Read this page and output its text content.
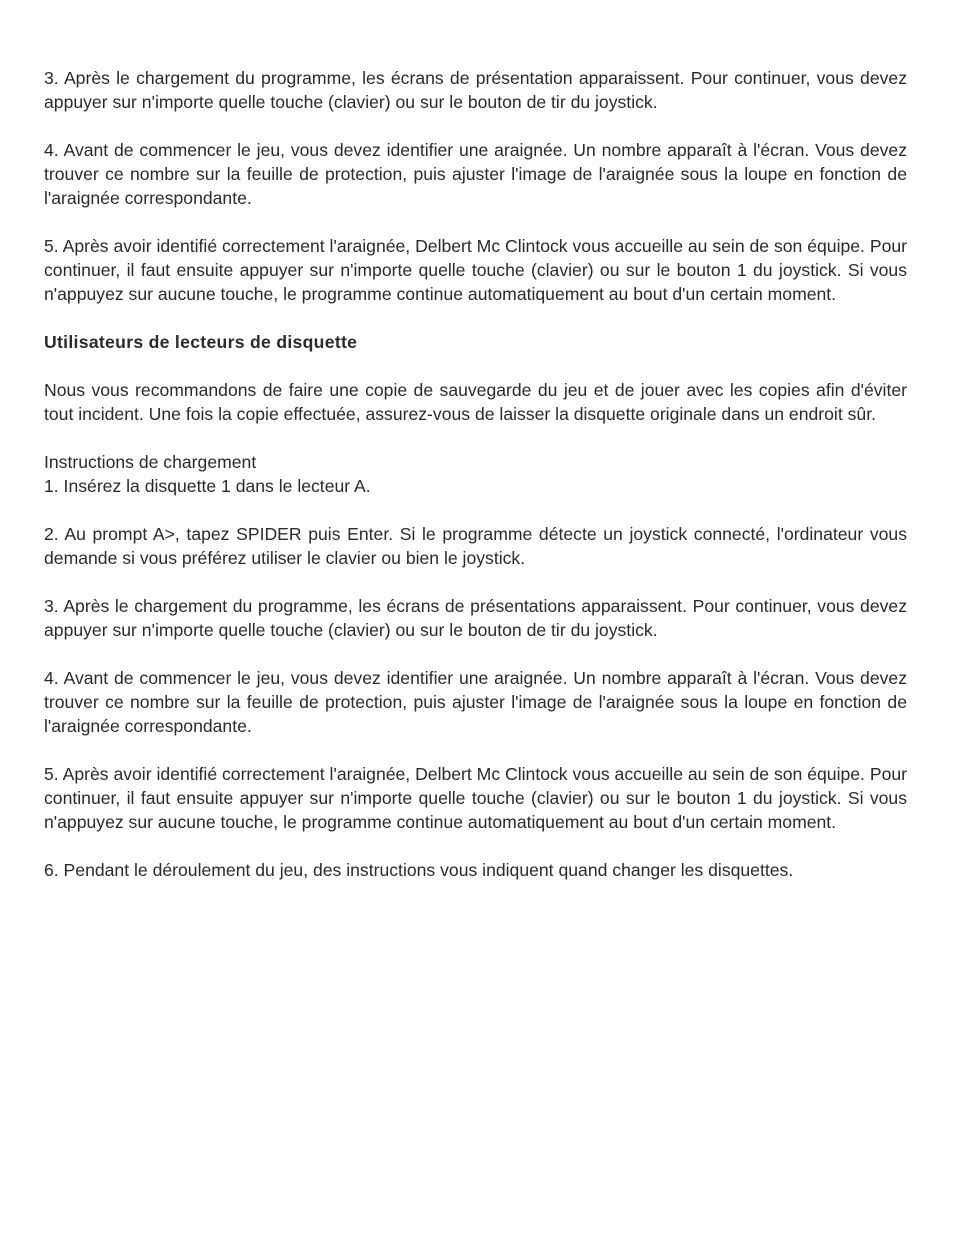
3. Après le chargement du programme, les écrans de présentation apparaissent. Pour continuer, vous devez appuyer sur n'importe quelle touche (clavier) ou sur le bouton de tir du joystick.

4. Avant de commencer le jeu, vous devez identifier une araignée. Un nombre apparaît à l'écran. Vous devez trouver ce nombre sur la feuille de protection, puis ajuster l'image de l'araignée sous la loupe en fonction de l'araignée correspondante.

5. Après avoir identifié correctement l'araignée, Delbert Mc Clintock vous accueille au sein de son équipe. Pour continuer, il faut ensuite appuyer sur n'importe quelle touche (clavier) ou sur le bouton 1 du joystick. Si vous n'appuyez sur aucune touche, le programme continue automatiquement au bout d'un certain moment.

Utilisateurs de lecteurs de disquette

Nous vous recommandons de faire une copie de sauvegarde du jeu et de jouer avec les copies afin d'éviter tout incident. Une fois la copie effectuée, assurez-vous de laisser la disquette originale dans un endroit sûr.

Instructions de chargement

1. Insérez la disquette 1 dans le lecteur A.

2. Au prompt A>, tapez SPIDER puis Enter. Si le programme détecte un joystick connecté, l'ordinateur vous demande si vous préférez utiliser le clavier ou bien le joystick.

3. Après le chargement du programme, les écrans de présentations apparaissent. Pour continuer, vous devez appuyer sur n'importe quelle touche (clavier) ou sur le bouton de tir du joystick.

4. Avant de commencer le jeu, vous devez identifier une araignée. Un nombre apparaît à l'écran. Vous devez trouver ce nombre sur la feuille de protection, puis ajuster l'image de l'araignée sous la loupe en fonction de l'araignée correspondante.

5. Après avoir identifié correctement l'araignée, Delbert Mc Clintock vous accueille au sein de son équipe. Pour continuer, il faut ensuite appuyer sur n'importe quelle touche (clavier) ou sur le bouton 1 du joystick. Si vous n'appuyez sur aucune touche, le programme continue automatiquement au bout d'un certain moment.

6. Pendant le déroulement du jeu, des instructions vous indiquent quand changer les disquettes.
